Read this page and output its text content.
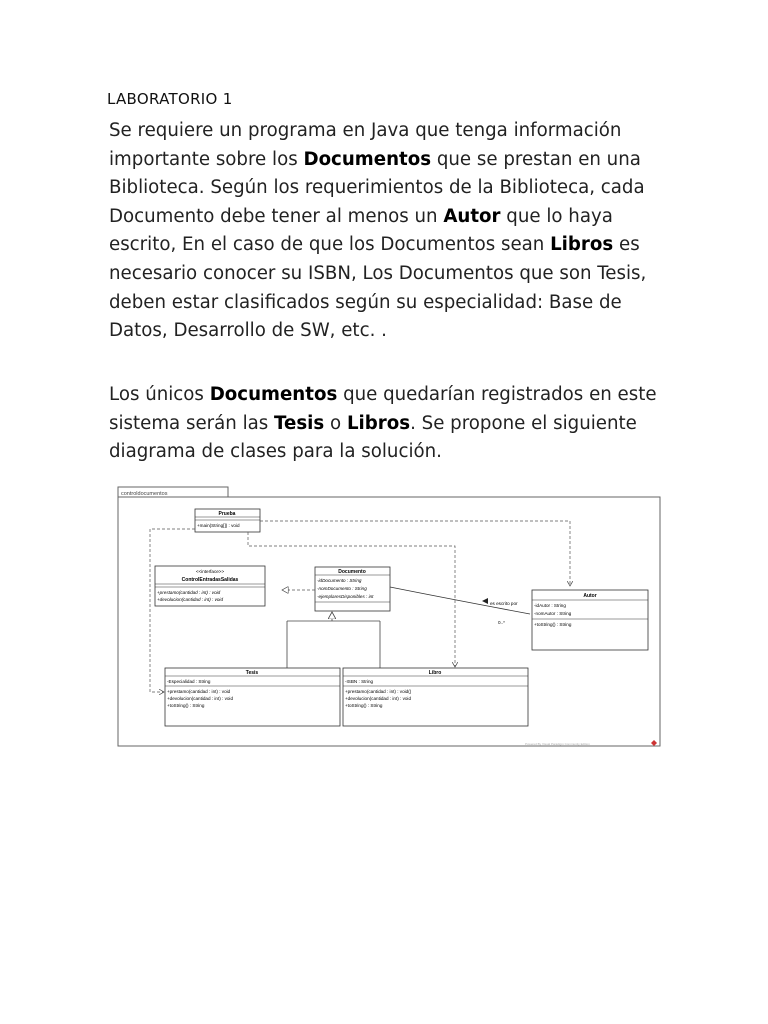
LABORATORIO 1
Se requiere un programa en Java que tenga información importante sobre los Documentos que se prestan en una Biblioteca. Según los requerimientos de la Biblioteca, cada Documento debe tener al menos un Autor que lo haya escrito, En el caso de que los Documentos sean Libros es necesario conocer su ISBN, Los Documentos que son Tesis, deben estar clasificados según su especialidad: Base de Datos, Desarrollo de SW, etc. .
Los únicos Documentos que quedarían registrados en este sistema serán las Tesis o Libros. Se propone el siguiente diagrama de clases para la solución.
controldocumentos
Prueba
+main(String[]) : void
<<interface>>
ControlEntradasSalidas
+prestamo(cantidad : int) : void
+devolucion(cantidad : int) : void
Documento
-idDocumento : String
-nomDocumento : String
-ejemplaresDisponibles : int	Autor
-idAutor : String
-nomAutor : String
+toString() : String
Tesis
-Especialidad : String
+prestamo(cantidad : int) : void
+devolucion(cantidad : int) : void
+toString() : String
Libro
-ISBN : String
+prestamo(cantidad : int) : void()
+devolucion(cantidad : int) : void
+toString() : String
es escrito por
0..*
Powered By Visual Paradigm Community Edition
